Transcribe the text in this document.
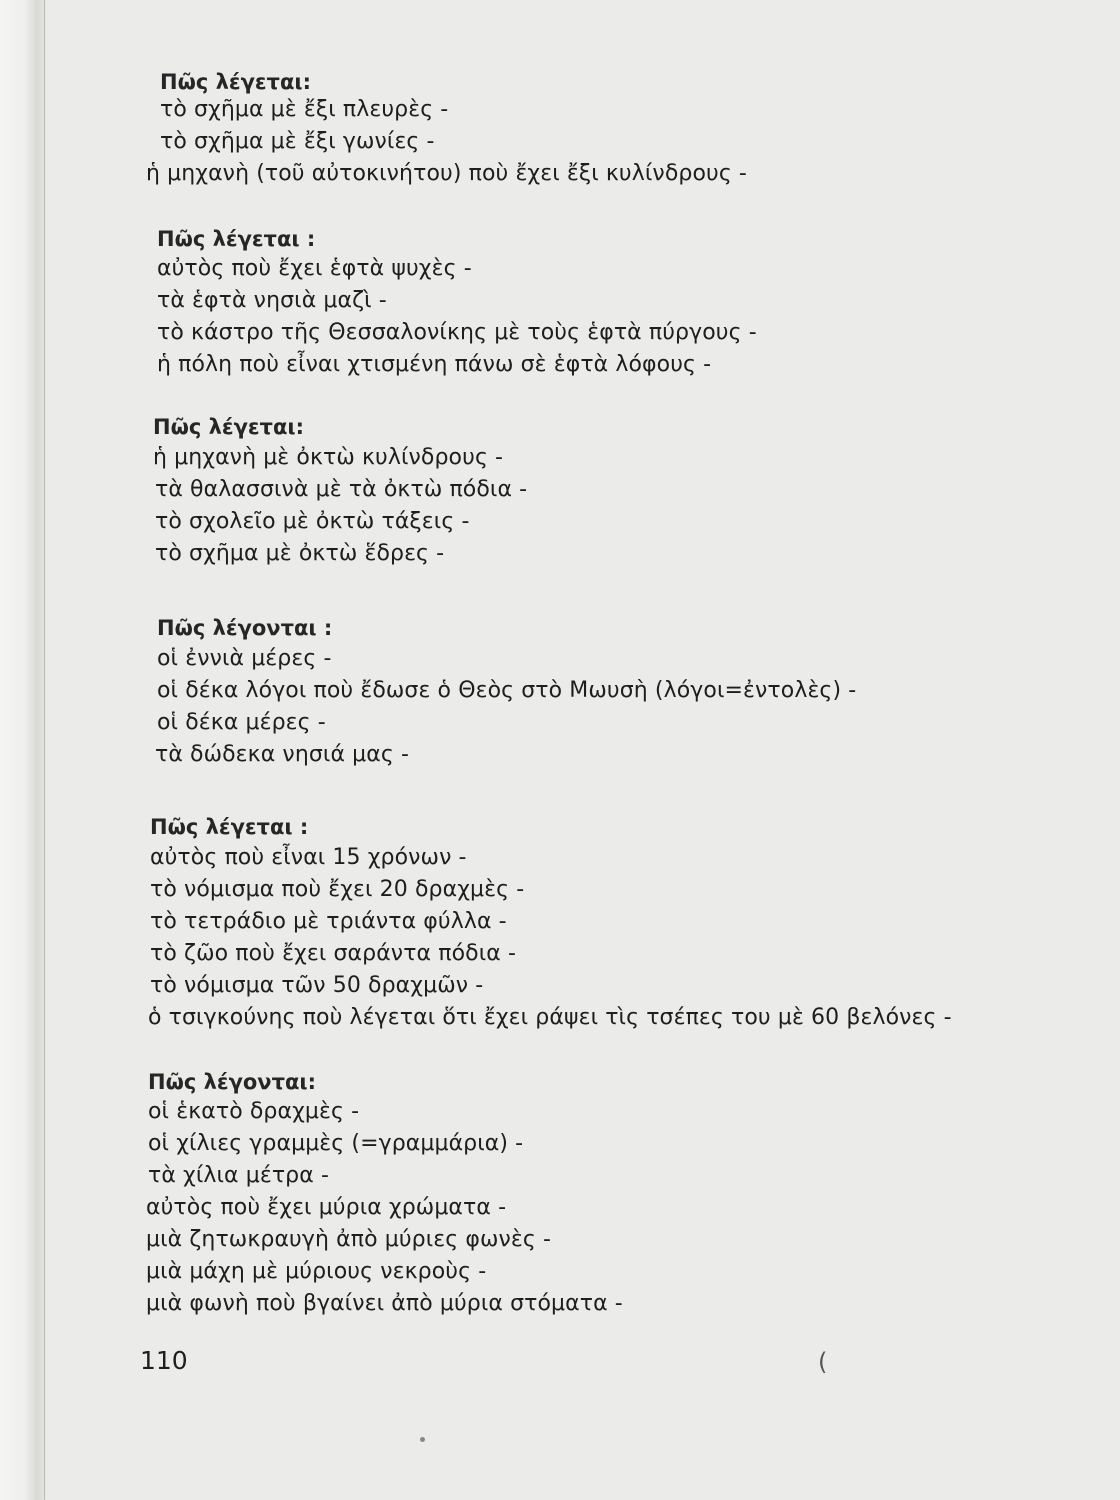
Πῶς λέγεται:
τὸ σχῆμα μὲ ἔξι πλευρὲς -
τὸ σχῆμα μὲ ἔξι γωνίες -
ἡ μηχανὴ (τοῦ αὐτοκινήτου) ποὺ ἔχει ἔξι κυλίνδρους -
Πῶς λέγεται :
αὐτὸς ποὺ ἔχει ἑφτὰ ψυχὲς -
τὰ ἑφτὰ νησιὰ μαζὶ -
τὸ κάστρο τῆς Θεσσαλονίκης μὲ τοὺς ἑφτὰ πύργους -
ἡ πόλη ποὺ εἶναι χτισμένη πάνω σὲ ἑφτὰ λόφους -
Πῶς λέγεται:
ἡ μηχανὴ μὲ ὀκτὼ κυλίνδρους -
τὰ θαλασσινὰ μὲ τὰ ὀκτὼ πόδια -
τὸ σχολεῖο μὲ ὀκτὼ τάξεις -
τὸ σχῆμα μὲ ὀκτὼ ἕδρες -
Πῶς λέγονται :
οἱ ἐννιὰ μέρες -
οἱ δέκα λόγοι ποὺ ἔδωσε ὁ Θεὸς στὸ Μωυσὴ (λόγοι=ἐντολὲς) -
οἱ δέκα μέρες -
τὰ δώδεκα νησιά μας -
Πῶς λέγεται :
αὐτὸς ποὺ εἶναι 15 χρόνων -
τὸ νόμισμα ποὺ ἔχει 20 δραχμὲς -
τὸ τετράδιο μὲ τριάντα φύλλα -
τὸ ζῶο ποὺ ἔχει σαράντα πόδια -
τὸ νόμισμα τῶν 50 δραχμῶν -
ὁ τσιγκούνης ποὺ λέγεται ὅτι ἔχει ράψει τὶς τσέπες του μὲ 60 βελόνες -
Πῶς λέγονται:
οἱ ἑκατὸ δραχμὲς -
οἱ χίλιες γραμμὲς (=γραμμάρια) -
τὰ χίλια μέτρα -
αὐτὸς ποὺ ἔχει μύρια χρώματα -
μιὰ ζητωκραυγὴ ἀπὸ μύριες φωνὲς -
μιὰ μάχη μὲ μύριους νεκροὺς -
μιὰ φωνὴ ποὺ βγαίνει ἀπὸ μύρια στόματα -
110	(
